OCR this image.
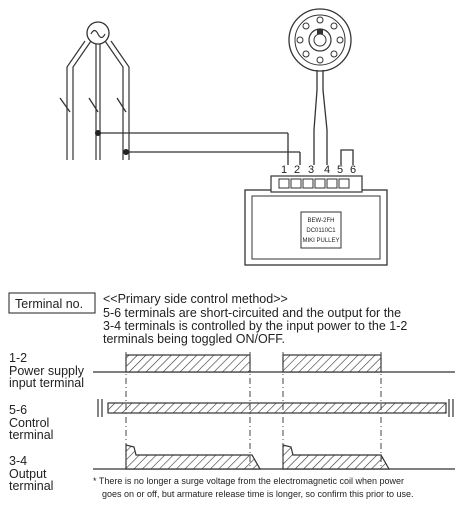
BEW-2FH
DC0110C1
MIKI PULLEY
1 2 3 4 5 6
Terminal no. <<Primary side control method>>
5-6 terminals are short-circuited and the output for the
3-4 terminals is controlled by the input power to the 1-2
terminals being toggled ON/OFF.
1-2
Power supply
input terminal
5-6
Control
terminal
3-4
Output
terminal	* There is no longer a surge voltage from the electromagnetic coil when power
goes on or off, but armature release time is longer, so confirm this prior to use.
